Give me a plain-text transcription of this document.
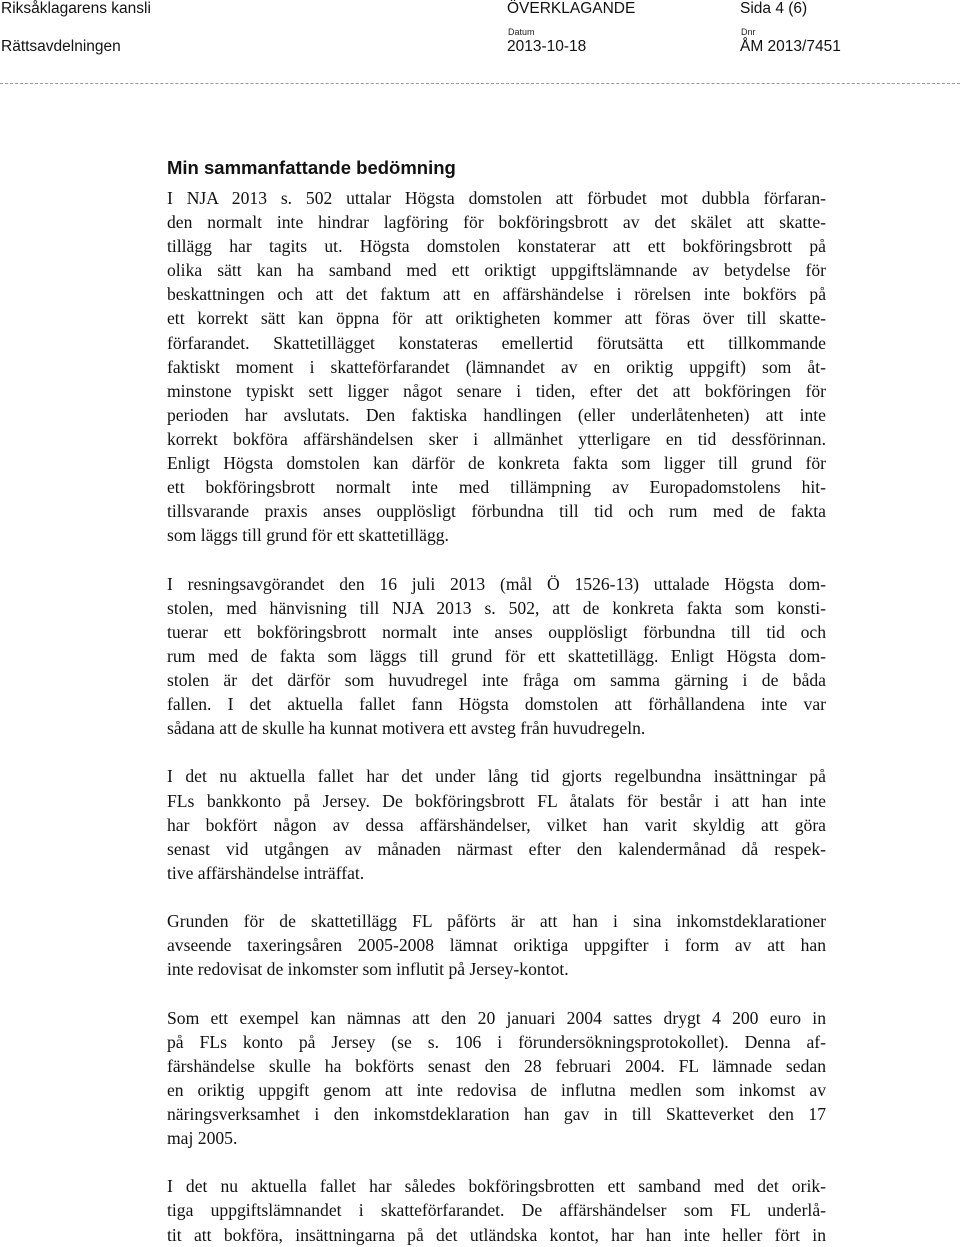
Riksåklagarens kansli
Rättsavdelningen
ÖVERKLAGANDE
Datum
2013-10-18
Sida 4 (6)
Dnr
ÅM 2013/7451
Min sammanfattande bedömning
I NJA 2013 s. 502 uttalar Högsta domstolen att förbudet mot dubbla förfaran-
den normalt inte hindrar lagföring för bokföringsbrott av det skälet att skatte-
tillägg har tagits ut. Högsta domstolen konstaterar att ett bokföringsbrott på
olika sätt kan ha samband med ett oriktigt uppgiftslämnande av betydelse för
beskattningen och att det faktum att en affärshändelse i rörelsen inte bokförs på
ett korrekt sätt kan öppna för att oriktigheten kommer att föras över till skatte-
förfarandet. Skattetillägget konstateras emellertid förutsätta ett tillkommande
faktiskt moment i skatteförfarandet (lämnandet av en oriktig uppgift) som åt-
minstone typiskt sett ligger något senare i tiden, efter det att bokföringen för
perioden har avslutats. Den faktiska handlingen (eller underlåtenheten) att inte
korrekt bokföra affärshändelsen sker i allmänhet ytterligare en tid dessförinnan.
Enligt Högsta domstolen kan därför de konkreta fakta som ligger till grund för
ett bokföringsbrott normalt inte med tillämpning av Europadomstolens hit-
tillsvarande praxis anses oupplösligt förbundna till tid och rum med de fakta
som läggs till grund för ett skattetillägg.
I resningsavgörandet den 16 juli 2013 (mål Ö 1526-13) uttalade Högsta dom-
stolen, med hänvisning till NJA 2013 s. 502, att de konkreta fakta som konsti-
tuerar ett bokföringsbrott normalt inte anses oupplösligt förbundna till tid och
rum med de fakta som läggs till grund för ett skattetillägg. Enligt Högsta dom-
stolen är det därför som huvudregel inte fråga om samma gärning i de båda
fallen. I det aktuella fallet fann Högsta domstolen att förhållandena inte var
sådana att de skulle ha kunnat motivera ett avsteg från huvudregeln.
I det nu aktuella fallet har det under lång tid gjorts regelbundna insättningar på
FLs bankkonto på Jersey. De bokföringsbrott FL åtalats för består i att han inte
har bokfört någon av dessa affärshändelser, vilket han varit skyldig att göra
senast vid utgången av månaden närmast efter den kalendermånad då respek-
tive affärshändelse inträffat.
Grunden för de skattetillägg FL påförts är att han i sina inkomstdeklarationer
avseende taxeringsåren 2005-2008 lämnat oriktiga uppgifter i form av att han
inte redovisat de inkomster som influtit på Jersey-kontot.
Som ett exempel kan nämnas att den 20 januari 2004 sattes drygt 4 200 euro in
på FLs konto på Jersey (se s. 106 i förundersökningsprotokollet). Denna af-
färshändelse skulle ha bokförts senast den 28 februari 2004. FL lämnade sedan
en oriktig uppgift genom att inte redovisa de influtna medlen som inkomst av
näringsverksamhet i den inkomstdeklaration han gav in till Skatteverket den 17
maj 2005.
I det nu aktuella fallet har således bokföringsbrotten ett samband med det orik-
tiga uppgiftslämnandet i skatteförfarandet. De affärshändelser som FL underlå-
tit att bokföra, insättningarna på det utländska kontot, har han inte heller fört in
